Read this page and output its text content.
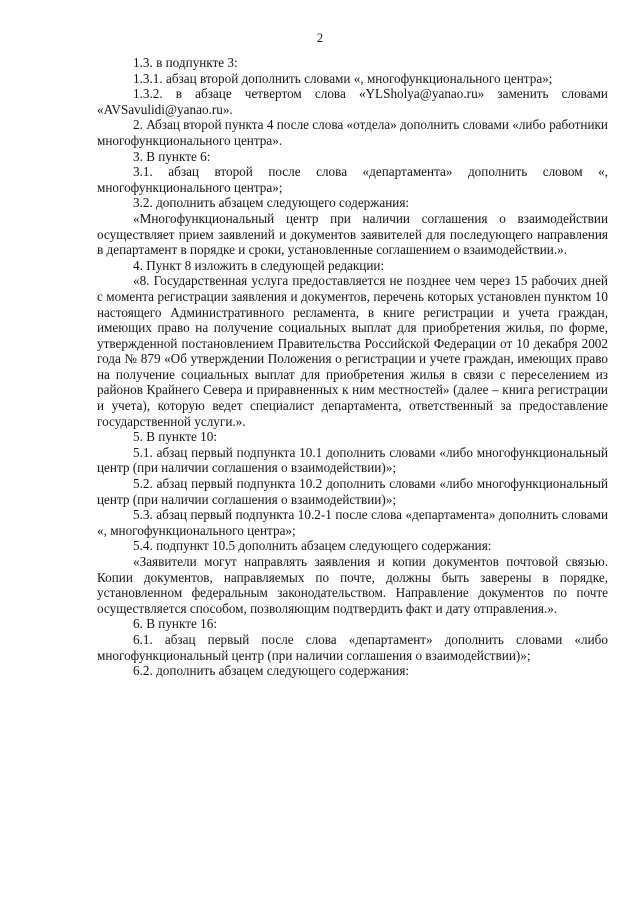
2

1.3. в подпункте 3:

1.3.1. абзац второй дополнить словами «, многофункционального центра»;

1.3.2. в абзаце четвертом слова «YLSholya@yanao.ru» заменить словами «AVSavulidi@yanao.ru».

2. Абзац второй пункта 4 после слова «отдела» дополнить словами «либо работники многофункционального центра».

3. В пункте 6:

3.1. абзац второй после слова «департамента» дополнить словом «, многофункционального центра»;

3.2. дополнить абзацем следующего содержания:

«Многофункциональный центр при наличии соглашения о взаимодействии осуществляет прием заявлений и документов заявителей для последующего направления в департамент в порядке и сроки, установленные соглашением о взаимодействии.».

4. Пункт 8 изложить в следующей редакции:

«8. Государственная услуга предоставляется не позднее чем через 15 рабочих дней с момента регистрации заявления и документов, перечень которых установлен пунктом 10 настоящего Административного регламента, в книге регистрации и учета граждан, имеющих право на получение социальных выплат для приобретения жилья, по форме, утвержденной постановлением Правительства Российской Федерации от 10 декабря 2002 года № 879 «Об утверждении Положения о регистрации и учете граждан, имеющих право на получение социальных выплат для приобретения жилья в связи с переселением из районов Крайнего Севера и приравненных к ним местностей» (далее – книга регистрации и учета), которую ведет специалист департамента, ответственный за предоставление государственной услуги.».

5. В пункте 10:

5.1. абзац первый подпункта 10.1 дополнить словами «либо многофункциональный центр (при наличии соглашения о взаимодействии)»;

5.2. абзац первый подпункта 10.2 дополнить словами «либо многофункциональный центр (при наличии соглашения о взаимодействии)»;

5.3. абзац первый подпункта 10.2-1 после слова «департамента» дополнить словами «, многофункционального центра»;

5.4. подпункт 10.5 дополнить абзацем следующего содержания:

«Заявители могут направлять заявления и копии документов почтовой связью. Копии документов, направляемых по почте, должны быть заверены в порядке, установленном федеральным законодательством. Направление документов по почте осуществляется способом, позволяющим подтвердить факт и дату отправления.».

6. В пункте 16:

6.1. абзац первый после слова «департамент» дополнить словами «либо многофункциональный центр (при наличии соглашения о взаимодействии)»;

6.2. дополнить абзацем следующего содержания:
